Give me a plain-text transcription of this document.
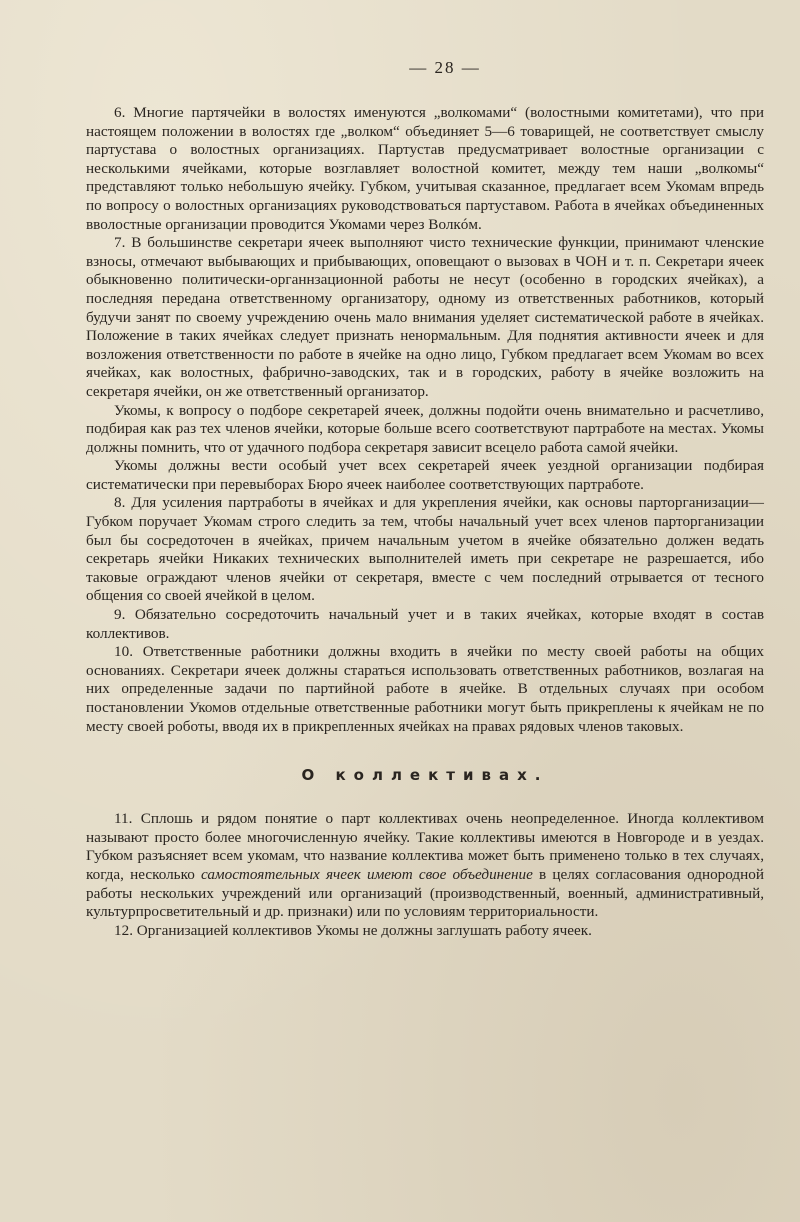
— 28 —

6. Многие партячейки в волостях именуются „волкомами“ (волостными комитетами), что при настоящем положении в волостях где „волком“ объединяет 5—6 товарищей, не соответствует смыслу партустава о волостных организациях. Партустав предусматривает волостные организации с несколькими ячейками, которые возглавляет волостной комитет, между тем наши „волкомы“ представляют только небольшую ячейку. Губком, учитывая сказанное, предлагает всем Укомам впредь по вопросу о волостных организациях руководствоваться партуставом. Работа в ячейках объединенных вволостные организации проводится Укомами через Волкóм.

7. В большинстве секретари ячеек выполняют чисто технические функции, принимают членские взносы, отмечают выбывающих и прибывающих, оповещают о вызовах в ЧОН и т. п. Секретари ячеек обыкновенно политически-органнзационной работы не несут (особенно в городских ячейках), а последняя передана ответственному организатору, одному из ответственных работников, который будучи занят по своему учреждению очень мало внимания уделяет систематической работе в ячейках. Положение в таких ячейках следует признать ненормальным. Для поднятия активности ячеек и для возложения ответственности по работе в ячейке на одно лицо, Губком предлагает всем Укомам во всех ячейках, как волостных, фабрично-заводских, так и в городских, работу в ячейке возложить на секретаря ячейки, он же ответственный организатор.

Укомы, к вопросу о подборе секретарей ячеек, должны подойти очень внимательно и расчетливо, подбирая как раз тех членов ячейки, которые больше всего соответствуют партработе на местах. Укомы должны помнить, что от удачного подбора секретаря зависит всецело работа самой ячейки.

Укомы должны вести особый учет всех секретарей ячеек уездной организации подбирая систематически при перевыборах Бюро ячеек наиболее соответствующих партработе.

8. Для усиления партработы в ячейках и для укрепления ячейки, как основы парторганизации—Губком поручает Укомам строго следить за тем, чтобы начальный учет всех членов парторганизации был бы сосредоточен в ячейках, причем начальным учетом в ячейке обязательно должен ведать секретарь ячейки Никаких технических выполнителей иметь при секретаре не разрешается, ибо таковые ограждают членов ячейки от секретаря, вместе с чем последний отрывается от тесного общения со своей ячейкой в целом.

9. Обязательно сосредоточить начальный учет и в таких ячейках, которые входят в состав коллективов.

10. Ответственные работники должны входить в ячейки по месту своей работы на общих основаниях. Секретари ячеек должны стараться использовать ответственных работников, возлагая на них определенные задачи по партийной работе в ячейке. В отдельных случаях при особом постановлении Укомов отдельные ответственные работники могут быть прикреплены к ячейкам не по месту своей роботы, вводя их в прикрепленных ячейках на правах рядовых членов таковых.

О коллективах.

11. Сплошь и рядом понятие о парт коллективах очень неопределенное. Иногда коллективом называют просто более многочисленную ячейку. Такие коллективы имеются в Новгороде и в уездах. Губком разъясняет всем укомам, что название коллектива может быть применено только в тех случаях, когда, несколько самостоятельных ячеек имеют свое объединение в целях согласования однородной работы нескольких учреждений или организаций (производственный, военный, административный, культурпросветительный и др. признаки) или по условиям территориальности.

12. Организацией коллективов Укомы не должны заглушать работу ячеек.
